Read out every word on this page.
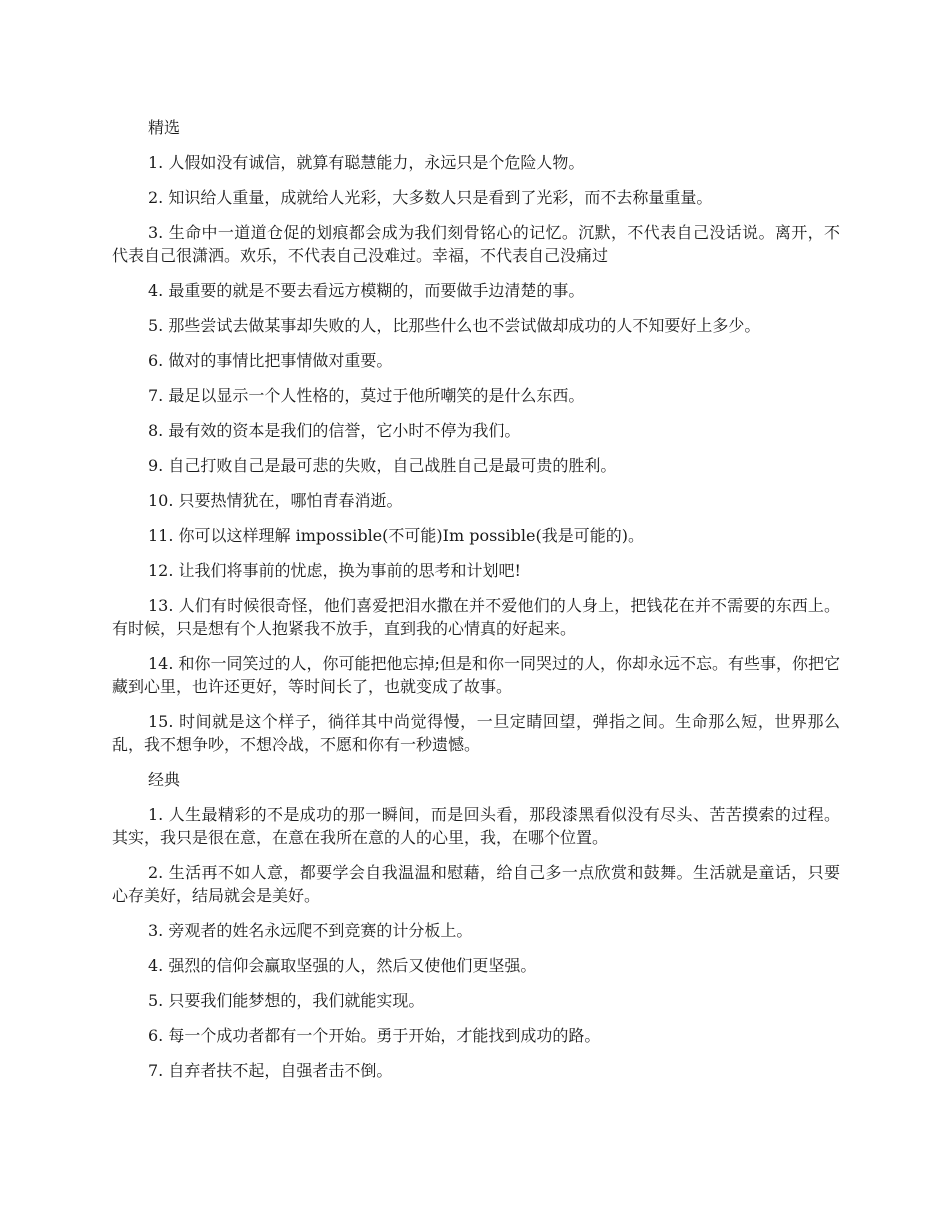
精选

1. 人假如没有诚信，就算有聪慧能力，永远只是个危险人物。

2. 知识给人重量，成就给人光彩，大多数人只是看到了光彩，而不去称量重量。

3. 生命中一道道仓促的划痕都会成为我们刻骨铭心的记忆。沉默，不代表自己没话说。离开，不代表自己很潇洒。欢乐，不代表自己没难过。幸福，不代表自己没痛过

4. 最重要的就是不要去看远方模糊的，而要做手边清楚的事。

5. 那些尝试去做某事却失败的人，比那些什么也不尝试做却成功的人不知要好上多少。

6. 做对的事情比把事情做对重要。

7. 最足以显示一个人性格的，莫过于他所嘲笑的是什么东西。

8. 最有效的资本是我们的信誉，它小时不停为我们。

9. 自己打败自己是最可悲的失败，自己战胜自己是最可贵的胜利。

10. 只要热情犹在，哪怕青春消逝。

11. 你可以这样理解 impossible(不可能)Im possible(我是可能的)。

12. 让我们将事前的忧虑，换为事前的思考和计划吧!

13. 人们有时候很奇怪，他们喜爱把泪水撒在并不爱他们的人身上，把钱花在并不需要的东西上。有时候，只是想有个人抱紧我不放手，直到我的心情真的好起来。

14. 和你一同笑过的人，你可能把他忘掉;但是和你一同哭过的人，你却永远不忘。有些事，你把它藏到心里，也许还更好，等时间长了，也就变成了故事。

15. 时间就是这个样子，徜徉其中尚觉得慢，一旦定睛回望，弹指之间。生命那么短，世界那么乱，我不想争吵，不想冷战，不愿和你有一秒遗憾。

经典

1. 人生最精彩的不是成功的那一瞬间，而是回头看，那段漆黑看似没有尽头、苦苦摸索的过程。其实，我只是很在意，在意在我所在意的人的心里，我，在哪个位置。

2. 生活再不如人意，都要学会自我温温和慰藉，给自己多一点欣赏和鼓舞。生活就是童话，只要心存美好，结局就会是美好。

3. 旁观者的姓名永远爬不到竞赛的计分板上。

4. 强烈的信仰会赢取坚强的人，然后又使他们更坚强。

5. 只要我们能梦想的，我们就能实现。

6. 每一个成功者都有一个开始。勇于开始，才能找到成功的路。

7. 自弃者扶不起，自强者击不倒。
